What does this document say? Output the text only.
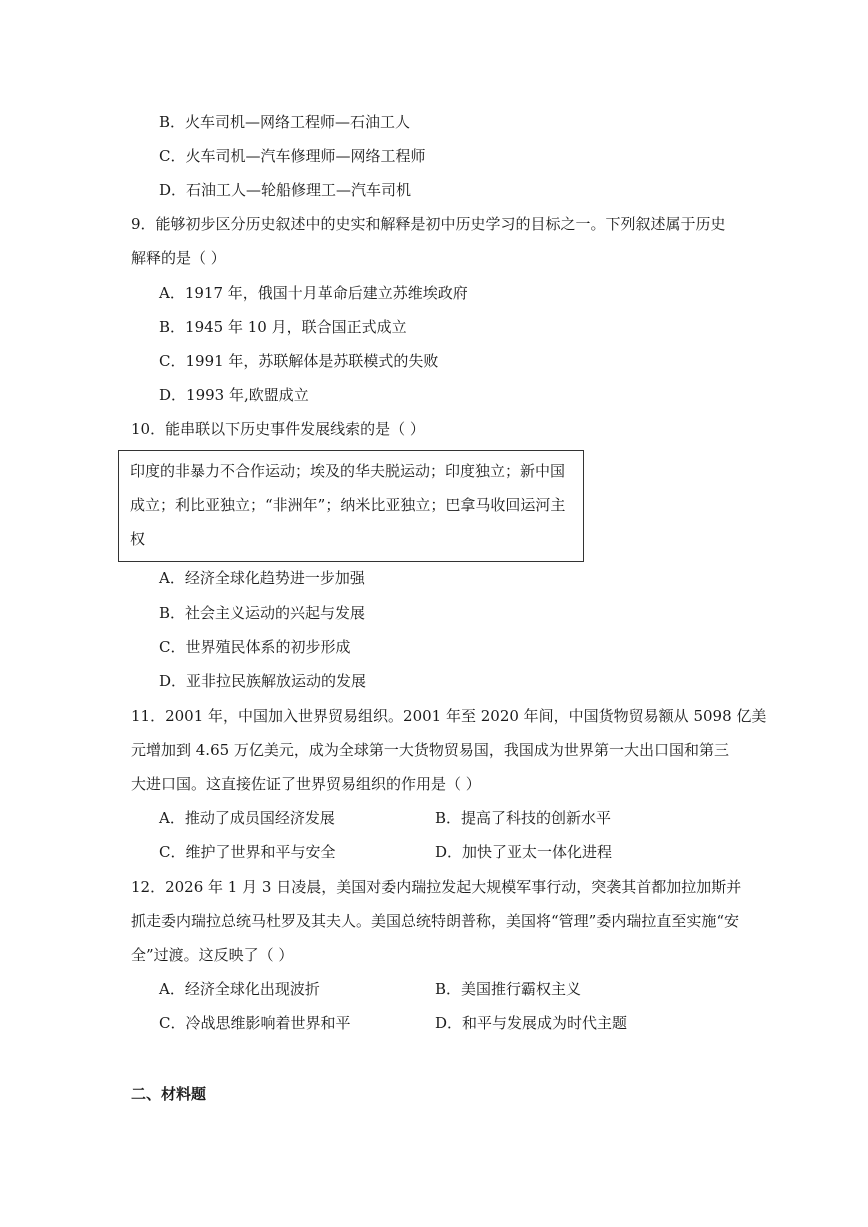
B．火车司机—网络工程师—石油工人
C．火车司机—汽车修理师—网络工程师
D．石油工人—轮船修理工—汽车司机
9．能够初步区分历史叙述中的史实和解释是初中历史学习的目标之一。下列叙述属于历史
解释的是（ ）
A．1917 年，俄国十月革命后建立苏维埃政府
B．1945 年 10 月，联合国正式成立
C．1991 年，苏联解体是苏联模式的失败
D．1993 年,欧盟成立
10．能串联以下历史事件发展线索的是（ ）
印度的非暴力不合作运动；埃及的华夫脱运动；印度独立；新中国
成立；利比亚独立；“非洲年”；纳米比亚独立；巴拿马收回运河主
权
A．经济全球化趋势进一步加强
B．社会主义运动的兴起与发展
C．世界殖民体系的初步形成
D．亚非拉民族解放运动的发展
11．2001 年，中国加入世界贸易组织。2001 年至 2020 年间，中国货物贸易额从 5098 亿美
元增加到 4.65 万亿美元，成为全球第一大货物贸易国，我国成为世界第一大出口国和第三
大进口国。这直接佐证了世界贸易组织的作用是（ ）
A．推动了成员国经济发展	B．提高了科技的创新水平
C．维护了世界和平与安全	D．加快了亚太一体化进程
12．2026 年 1 月 3 日凌晨，美国对委内瑞拉发起大规模军事行动，突袭其首都加拉加斯并
抓走委内瑞拉总统马杜罗及其夫人。美国总统特朗普称，美国将“管理”委内瑞拉直至实施“安
全”过渡。这反映了（ ）
A．经济全球化出现波折	B．美国推行霸权主义
C．冷战思维影响着世界和平	D．和平与发展成为时代主题
二、材料题
